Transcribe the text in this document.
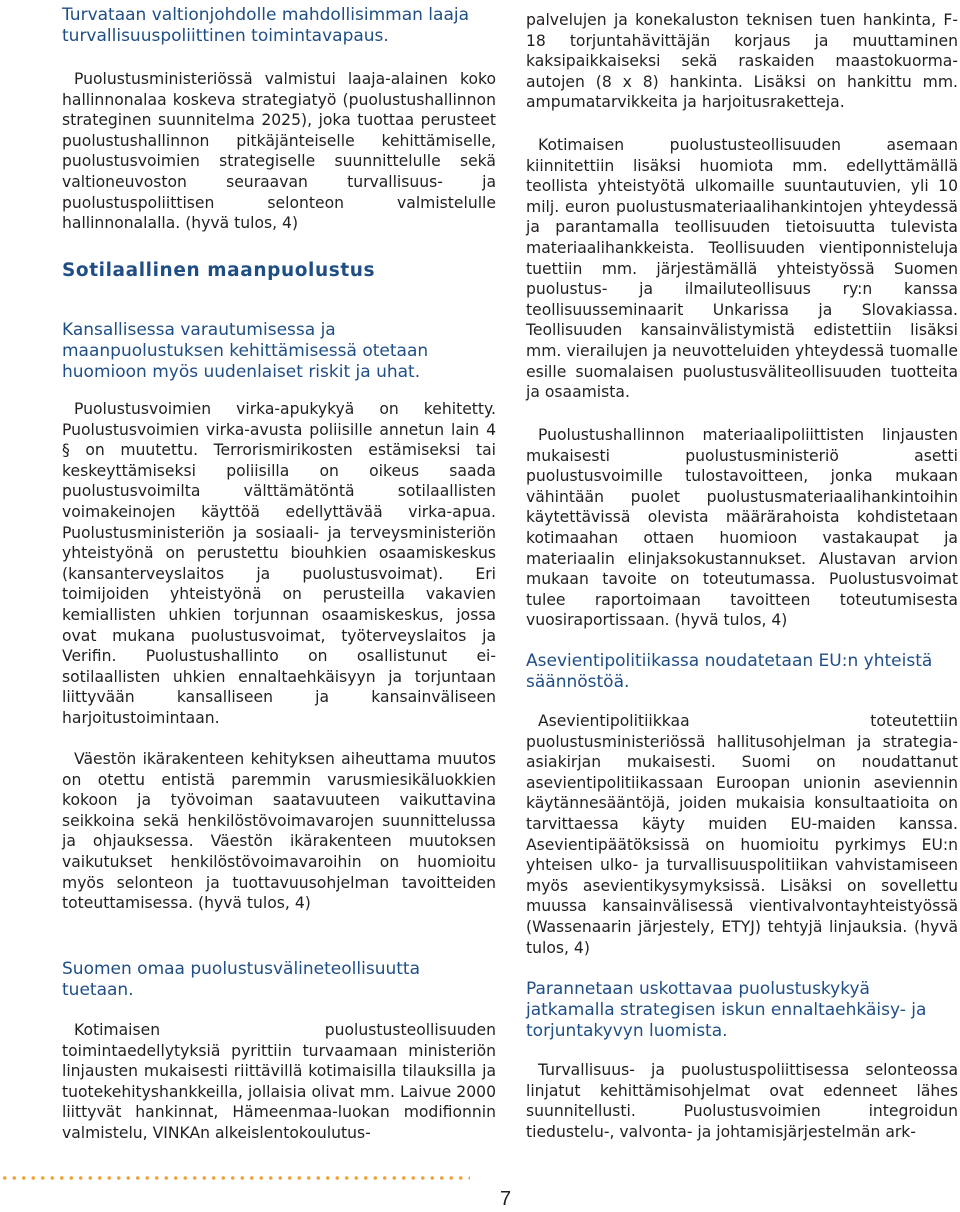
Turvataan valtionjohdolle mahdollisimman laaja turvallisuuspoliittinen toimintavapaus.

Puolustusministeriössä valmistui laaja-alainen koko hallinnonalaa koskeva strategiatyö (puolustushallinnon strateginen suunnitelma 2025), joka tuottaa perusteet puolustushallinnon pitkäjänteiselle kehittämiselle, puolustusvoimien strategiselle suunnittelulle sekä valtioneuvoston seuraavan turvallisuus- ja puolustuspoliittisen selonteon valmistelulle hallinnonalalla. (hyvä tulos, 4)

Sotilaallinen maanpuolustus

Kansallisessa varautumisessa ja maanpuolustuksen kehittämisessä otetaan huomioon myös uudenlaiset riskit ja uhat.

Puolustusvoimien virka-apukykyä on kehitetty. Puolustusvoimien virka-avusta poliisille annetun lain 4 § on muutettu. Terrorismirikosten estämiseksi tai keskeyttämiseksi poliisilla on oikeus saada puolustusvoimilta välttämätöntä sotilaallisten voimakeinojen käyttöä edellyttävää virka-apua. Puolustusministeriön ja sosiaali- ja terveysministeriön yhteistyönä on perustettu biouhkien osaamiskeskus (kansanterveyslaitos ja puolustusvoimat). Eri toimijoiden yhteistyönä on perusteilla vakavien kemiallisten uhkien torjunnan osaamiskeskus, jossa ovat mukana puolustusvoimat, työterveyslaitos ja Verifin. Puolustushallinto on osallistunut ei-sotilaallisten uhkien ennaltaehkäisyyn ja torjuntaan liittyvään kansalliseen ja kansainväliseen harjoitustoimintaan.

Väestön ikärakenteen kehityksen aiheuttama muutos on otettu entistä paremmin varusmiesikäluokkien kokoon ja työvoiman saatavuuteen vaikuttavina seikkoina sekä henkilöstövoimavarojen suunnittelussa ja ohjauksessa. Väestön ikärakenteen muutoksen vaikutukset henkilöstövoimavaroihin on huomioitu myös selonteon ja tuottavuusohjelman tavoitteiden toteuttamisessa. (hyvä tulos, 4)

Suomen omaa puolustusvälineteollisuutta tuetaan.

Kotimaisen puolustusteollisuuden toimintaedellytyksiä pyrittiin turvaamaan ministeriön linjausten mukaisesti riittävillä kotimaisilla tilauksilla ja tuotekehityshankkeilla, jollaisia olivat mm. Laivue 2000 liittyvät hankinnat, Hämeenmaa-luokan modifionnin valmistelu, VINKAn alkeislentokoulutus-

palvelujen ja konekaluston teknisen tuen hankinta, F-18 torjuntahävittäjän korjaus ja muuttaminen kaksipaikkaiseksi sekä raskaiden maastokuorma-autojen (8 x 8) hankinta. Lisäksi on hankittu mm. ampumatarvikkeita ja harjoitusraketteja.

Kotimaisen puolustusteollisuuden asemaan kiinnitettiin lisäksi huomiota mm. edellyttämällä teollista yhteistyötä ulkomaille suuntautuvien, yli 10 milj. euron puolustusmateriaalihankintojen yhteydessä ja parantamalla teollisuuden tietoisuutta tulevista materiaalihankkeista. Teollisuuden vientiponnisteluja tuettiin mm. järjestämällä yhteistyössä Suomen puolustus- ja ilmailuteollisuus ry:n kanssa teollisuusseminaarit Unkarissa ja Slovakiassa. Teollisuuden kansainvälistymistä edistettiin lisäksi mm. vierailujen ja neuvotteluiden yhteydessä tuomalle esille suomalaisen puolustusväliteollisuuden tuotteita ja osaamista.

Puolustushallinnon materiaalipoliittisten linjausten mukaisesti puolustusministeriö asetti puolustusvoimille tulostavoitteen, jonka mukaan vähintään puolet puolustusmateriaalihankintoihin käytettävissä olevista määrärahoista kohdistetaan kotimaahan ottaen huomioon vastakaupat ja materiaalin elinjaksokustannukset. Alustavan arvion mukaan tavoite on toteutumassa. Puolustusvoimat tulee raportoimaan tavoitteen toteutumisesta vuosiraportissaan. (hyvä tulos, 4)

Asevientipolitiikassa noudatetaan EU:n yhteistä säännöstöä.

Asevientipolitiikkaa toteutettiin puolustusministeriössä hallitusohjelman ja strategia-asiakirjan mukaisesti. Suomi on noudattanut asevientipolitiikassaan Euroopan unionin aseviennin käytännesääntöjä, joiden mukaisia konsultaatioita on tarvittaessa käyty muiden EU-maiden kanssa. Asevientipäätöksissä on huomioitu pyrkimys EU:n yhteisen ulko- ja turvallisuuspolitiikan vahvistamiseen myös asevientikysymyksissä. Lisäksi on sovellettu muussa kansainvälisessä vientivalvontayhteistyössä (Wassenaarin järjestely, ETYJ) tehtyjä linjauksia. (hyvä tulos, 4)

Parannetaan uskottavaa puolustuskykyä jatkamalla strategisen iskun ennaltaehkäisy- ja torjuntakyvyn luomista.

Turvallisuus- ja puolustuspoliittisessa selonteossa linjatut kehittämisohjelmat ovat edenneet lähes suunnitellusti. Puolustusvoimien integroidun tiedustelu-, valvonta- ja johtamisjärjestelmän ark-

7
